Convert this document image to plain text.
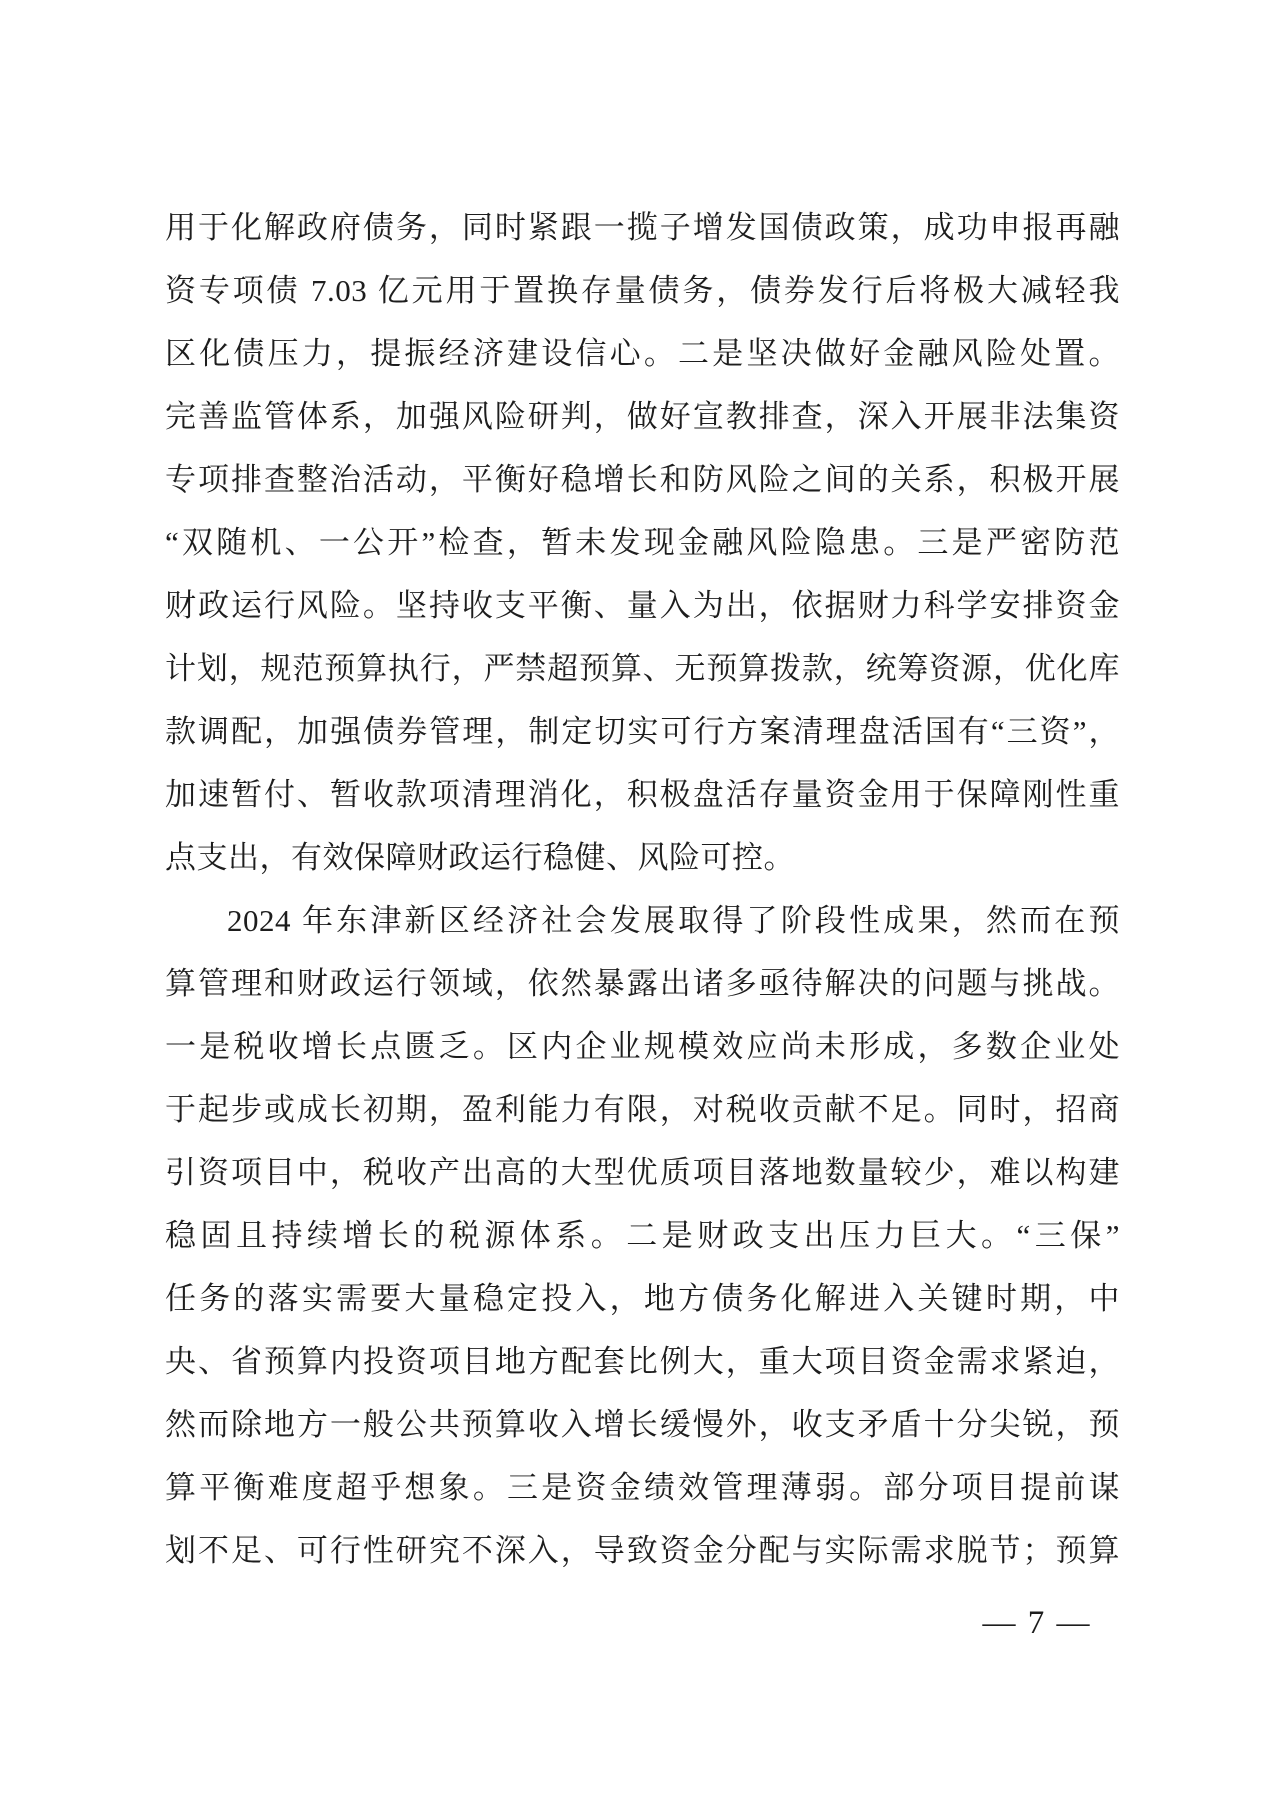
用于化解政府债务，同时紧跟一揽子增发国债政策，成功申报再融
资专项债 7.03 亿元用于置换存量债务，债券发行后将极大减轻我
区化债压力，提振经济建设信心。二是坚决做好金融风险处置。
完善监管体系，加强风险研判，做好宣教排查，深入开展非法集资
专项排查整治活动，平衡好稳增长和防风险之间的关系，积极开展
“双随机、一公开”检查，暂未发现金融风险隐患。三是严密防范
财政运行风险。坚持收支平衡、量入为出，依据财力科学安排资金
计划，规范预算执行，严禁超预算、无预算拨款，统筹资源，优化库
款调配，加强债券管理，制定切实可行方案清理盘活国有“三资”，
加速暂付、暂收款项清理消化，积极盘活存量资金用于保障刚性重
点支出，有效保障财政运行稳健、风险可控。
2024 年东津新区经济社会发展取得了阶段性成果，然而在预
算管理和财政运行领域，依然暴露出诸多亟待解决的问题与挑战。
一是税收增长点匮乏。区内企业规模效应尚未形成，多数企业处
于起步或成长初期，盈利能力有限，对税收贡献不足。同时，招商
引资项目中，税收产出高的大型优质项目落地数量较少，难以构建
稳固且持续增长的税源体系。二是财政支出压力巨大。“三保”
任务的落实需要大量稳定投入，地方债务化解进入关键时期，中
央、省预算内投资项目地方配套比例大，重大项目资金需求紧迫，
然而除地方一般公共预算收入增长缓慢外，收支矛盾十分尖锐，预
算平衡难度超乎想象。三是资金绩效管理薄弱。部分项目提前谋
划不足、可行性研究不深入，导致资金分配与实际需求脱节；预算
— 7 —
